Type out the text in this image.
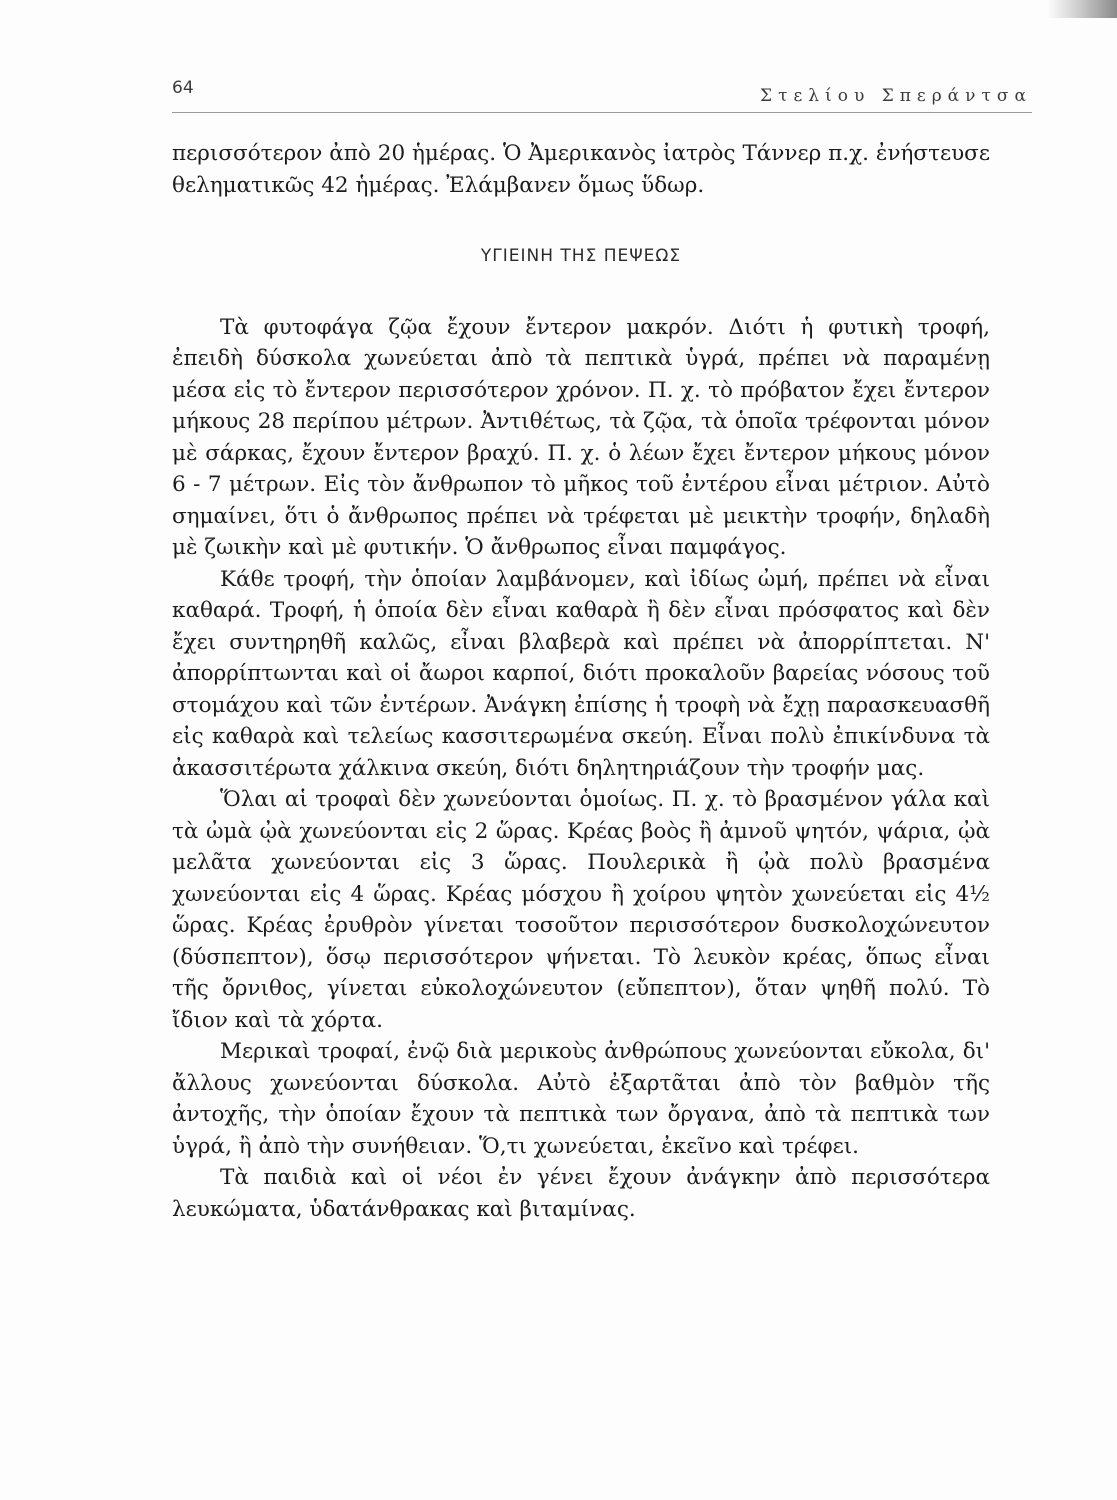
64	Στελίου Σπεράντσα

περισσότερον ἀπὸ 20 ἡμέρας. Ὁ Ἀμερικανὸς ἰατρὸς Τάννερ π.χ. ἐνήστευσε θεληματικῶς 42 ἡμέρας. Ἐλάμβανεν ὅμως ὕδωρ.

ΥΓΙΕΙΝΗ ΤΗΣ ΠΕΨΕΩΣ

Τὰ φυτοφάγα ζῷα ἔχουν ἔντερον μακρόν. Διότι ἡ φυτικὴ τροφή, ἐπειδὴ δύσκολα χωνεύεται ἀπὸ τὰ πεπτικὰ ὑγρά, πρέπει νὰ παραμένῃ μέσα εἰς τὸ ἔντερον περισσότερον χρόνον. Π. χ. τὸ πρόβατον ἔχει ἔντερον μήκους 28 περίπου μέτρων. Ἀντιθέτως, τὰ ζῷα, τὰ ὁποῖα τρέφονται μόνον μὲ σάρκας, ἔχουν ἔντερον βραχύ. Π. χ. ὁ λέων ἔχει ἔντερον μήκους μόνον 6 - 7 μέτρων. Εἰς τὸν ἄνθρωπον τὸ μῆκος τοῦ ἐντέρου εἶναι μέτριον. Αὐτὸ σημαίνει, ὅτι ὁ ἄνθρωπος πρέπει νὰ τρέφεται μὲ μεικτὴν τροφήν, δηλαδὴ μὲ ζωικὴν καὶ μὲ φυτικήν. Ὁ ἄνθρωπος εἶναι παμφάγος.

Κάθε τροφή, τὴν ὁποίαν λαμβάνομεν, καὶ ἰδίως ὠμή, πρέπει νὰ εἶναι καθαρά. Τροφή, ἡ ὁποία δὲν εἶναι καθαρὰ ἢ δὲν εἶναι πρόσφατος καὶ δὲν ἔχει συντηρηθῆ καλῶς, εἶναι βλαβερὰ καὶ πρέπει νὰ ἀπορρίπτεται. Ν' ἀπορρίπτωνται καὶ οἱ ἄωροι καρποί, διότι προκαλοῦν βαρείας νόσους τοῦ στομάχου καὶ τῶν ἐντέρων. Ἀνάγκη ἐπίσης ἡ τροφὴ νὰ ἔχῃ παρασκευασθῆ εἰς καθαρὰ καὶ τελείως κασσιτερωμένα σκεύη. Εἶναι πολὺ ἐπικίνδυνα τὰ ἀκασσιτέρωτα χάλκινα σκεύη, διότι δηλητηριάζουν τὴν τροφήν μας.

Ὅλαι αἱ τροφαὶ δὲν χωνεύονται ὁμοίως. Π. χ. τὸ βρασμένον γάλα καὶ τὰ ὠμὰ ᾠὰ χωνεύονται εἰς 2 ὥρας. Κρέας βοὸς ἢ ἀμνοῦ ψητόν, ψάρια, ᾠὰ μελᾶτα χωνεύονται εἰς 3 ὥρας. Πουλερικὰ ἢ ᾠὰ πολὺ βρασμένα χωνεύονται εἰς 4 ὥρας. Κρέας μόσχου ἢ χοίρου ψητὸν χωνεύεται εἰς 4½ ὥρας. Κρέας ἐρυθρὸν γίνεται τοσοῦτον περισσότερον δυσκολοχώνευτον (δύσπεπτον), ὅσῳ περισσότερον ψήνεται. Τὸ λευκὸν κρέας, ὅπως εἶναι τῆς ὄρνιθος, γίνεται εὐκολοχώνευτον (εὔπεπτον), ὅταν ψηθῆ πολύ. Τὸ ἴδιον καὶ τὰ χόρτα.

Μερικαὶ τροφαί, ἐνῷ διὰ μερικοὺς ἀνθρώπους χωνεύονται εὔκολα, δι' ἄλλους χωνεύονται δύσκολα. Αὐτὸ ἐξαρτᾶται ἀπὸ τὸν βαθμὸν τῆς ἀντοχῆς, τὴν ὁποίαν ἔχουν τὰ πεπτικὰ των ὄργανα, ἀπὸ τὰ πεπτικὰ των ὑγρά, ἢ ἀπὸ τὴν συνήθειαν. Ὅ,τι χωνεύεται, ἐκεῖνο καὶ τρέφει.

Τὰ παιδιὰ καὶ οἱ νέοι ἐν γένει ἔχουν ἀνάγκην ἀπὸ περισσότερα λευκώματα, ὑδατάνθρακας καὶ βιταμίνας.
